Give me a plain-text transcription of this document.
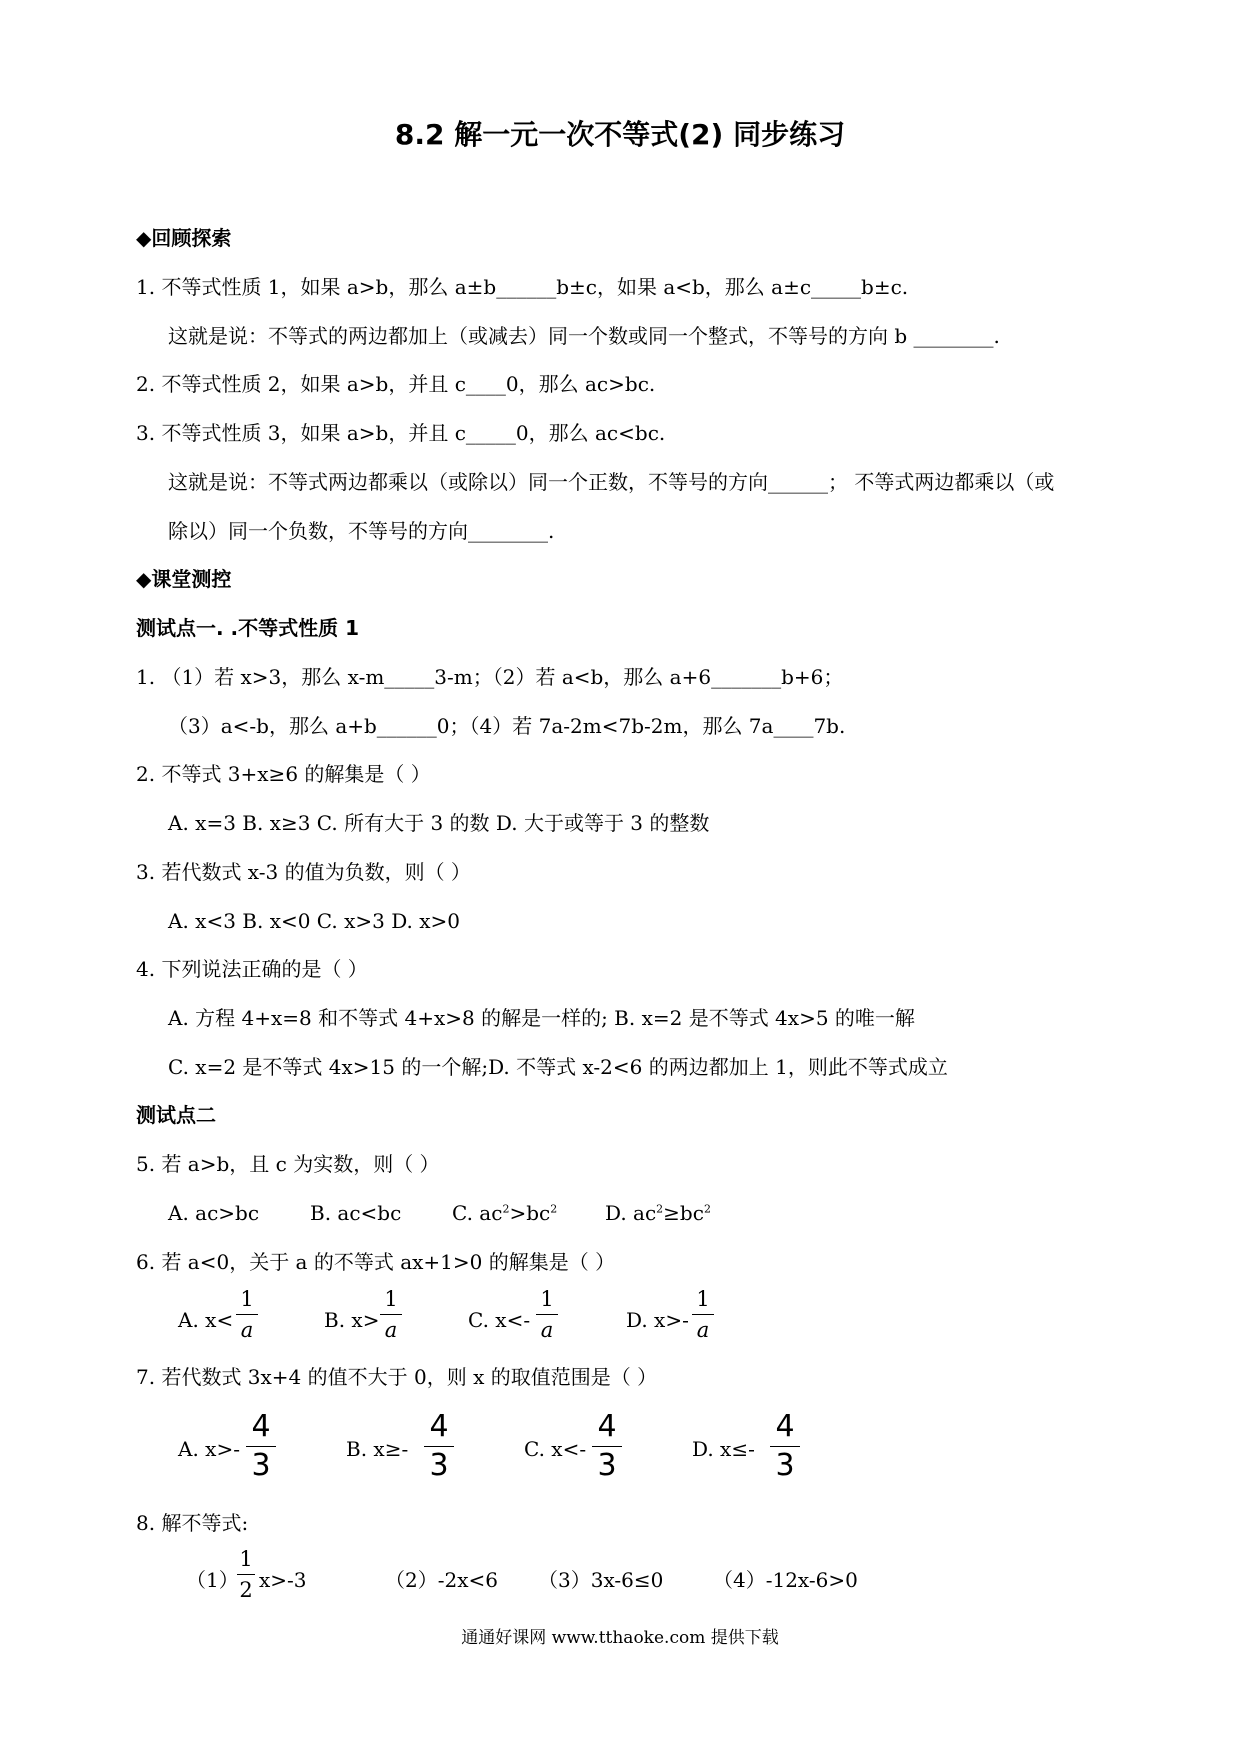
8.2 解一元一次不等式(2) 同步练习
◆回顾探索
1. 不等式性质 1，如果 a>b，那么 a±b______b±c，如果 a<b，那么 a±c_____b±c.
这就是说：不等式的两边都加上（或减去）同一个数或同一个整式，不等号的方向 b ________.
2. 不等式性质 2，如果 a>b，并且 c____0，那么 ac>bc.
3. 不等式性质 3，如果 a>b，并且 c_____0，那么 ac<bc.
这就是说：不等式两边都乘以（或除以）同一个正数，不等号的方向______； 不等式两边都乘以（或
除以）同一个负数，不等号的方向________.
◆课堂测控
测试点一. .不等式性质 1
1. （1）若 x>3，那么 x-m_____3-m；（2）若 a<b，那么 a+6_______b+6；
（3）a<-b，那么 a+b______0；（4）若 7a-2m<7b-2m，那么 7a____7b.
2. 不等式 3+x≥6 的解集是（ ）
A. x=3 B. x≥3 C. 所有大于 3 的数 D. 大于或等于 3 的整数
3. 若代数式 x-3 的值为负数，则（ ）
A. x<3 B. x<0 C. x>3 D. x>0
4. 下列说法正确的是（ ）
A. 方程 4+x=8 和不等式 4+x>8 的解是一样的; B. x=2 是不等式 4x>5 的唯一解
C. x=2 是不等式 4x>15 的一个解;D. 不等式 x-2<6 的两边都加上 1，则此不等式成立
测试点二
5. 若 a>b，且 c 为实数，则（ ）
A. ac>bc	B. ac<bc	C. $ac^2>bc^2$ D. $ac^2\ge bc^2$
6. 若 a<0，关于 a 的不等式 ax+1>0 的解集是（ ）
A. x<
1
a	B. x>
1
a	C. x<-
1
a	D. x>-
1
a
7. 若代数式 3x+4 的值不大于 0，则 x 的取值范围是（ ）
A. x>-
4
3	B. x≥-
4
3	C. x<-
4
3	D. x≤-
4
3
8. 解不等式:
（1）
1
2 x>-3	（2）-2x<6 （3）3x-6≤0 （4）-12x-6>0
通通好课网 www.tthaoke.com 提供下载
